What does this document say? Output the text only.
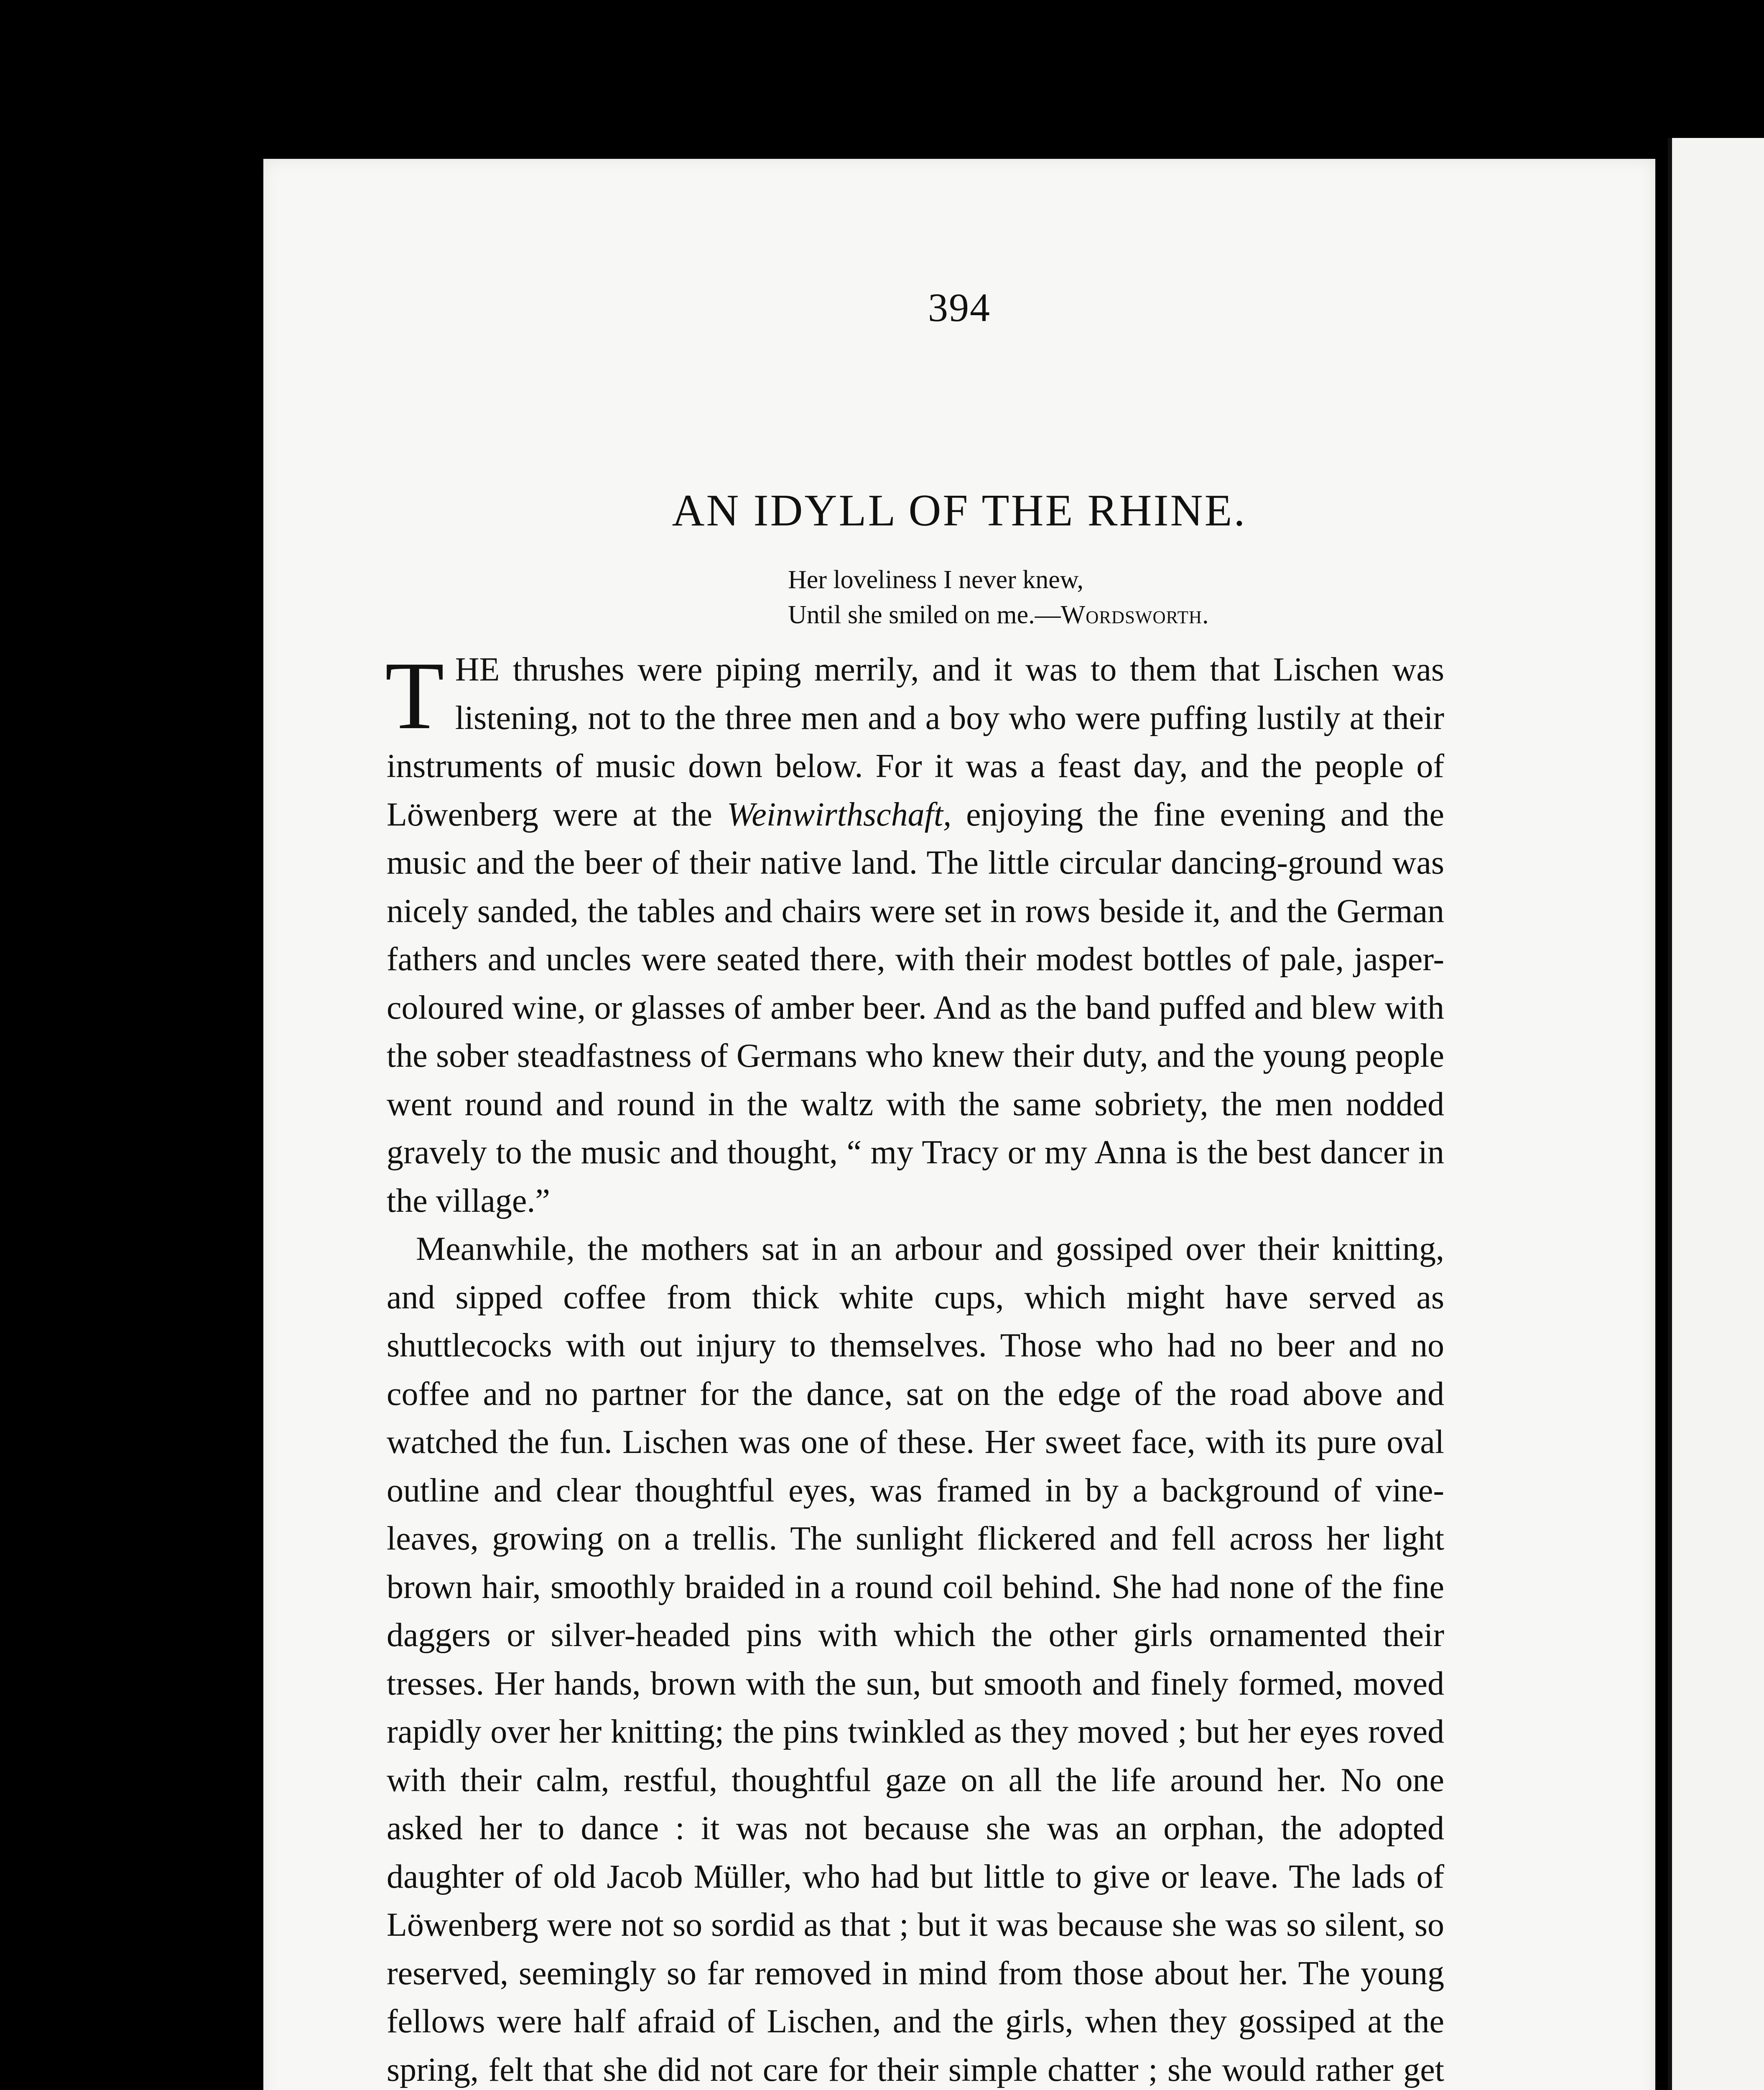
394
AN IDYLL OF THE RHINE.
Her loveliness I never knew,
Until she smiled on me.—Wordsworth.

THE thrushes were piping merrily, and it was to them that Lischen was listening, not to the three men and a boy who were puffing lustily at their instruments of music down below. For it was a feast day, and the people of Löwenberg were at the Weinwirthschaft, enjoying the fine evening and the music and the beer of their native land. The little circular dancing-ground was nicely sanded, the tables and chairs were set in rows beside it, and the German fathers and uncles were seated there, with their modest bottles of pale, jasper-coloured wine, or glasses of amber beer. And as the band puffed and blew with the sober steadfastness of Germans who knew their duty, and the young people went round and round in the waltz with the same sobriety, the men nodded gravely to the music and thought, “ my Tracy or my Anna is the best dancer in the village.”

Meanwhile, the mothers sat in an arbour and gossiped over their knitting, and sipped coffee from thick white cups, which might have served as shuttlecocks with out injury to themselves. Those who had no beer and no coffee and no partner for the dance, sat on the edge of the road above and watched the fun. Lischen was one of these. Her sweet face, with its pure oval outline and clear thoughtful eyes, was framed in by a background of vine-leaves, growing on a trellis. The sunlight flickered and fell across her light brown hair, smoothly braided in a round coil behind. She had none of the fine daggers or silver-headed pins with which the other girls ornamented their tresses. Her hands, brown with the sun, but smooth and finely formed, moved rapidly over her knitting; the pins twinkled as they moved ; but her eyes roved with their calm, restful, thoughtful gaze on all the life around her. No one asked her to dance : it was not because she was an orphan, the adopted daughter of old Jacob Müller, who had but little to give or leave. The lads of Löwenberg were not so sordid as that ; but it was because she was so silent, so reserved, seemingly so far removed in mind from those about her. The young fellows were half afraid of Lischen, and the girls, when they gossiped at the spring, felt that she did not care for their simple chatter ; she would rather get
